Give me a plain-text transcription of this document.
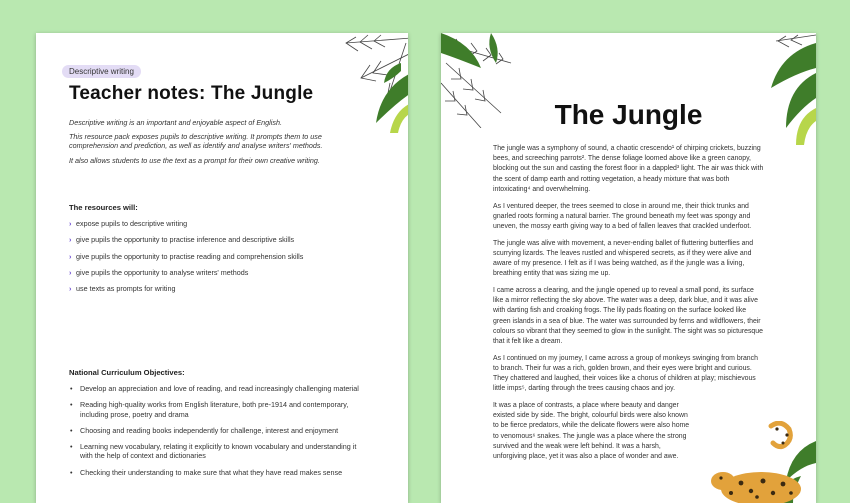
Descriptive writing
Teacher notes: The Jungle

Descriptive writing is an important and enjoyable aspect of English.

This resource pack exposes pupils to descriptive writing. It prompts them to use comprehension and prediction, as well as identify and analyse writers' methods.

It also allows students to use the text as a prompt for their own creative writing.

The resources will:
› expose pupils to descriptive writing
› give pupils the opportunity to practise inference and descriptive skills
› give pupils the opportunity to practise reading and comprehension skills
› give pupils the opportunity to analyse writers' methods
› use texts as prompts for writing
National Curriculum Objectives:
• Develop an appreciation and love of reading, and read increasingly challenging material
• Reading high-quality works from English literature, both pre-1914 and contemporary, including prose, poetry and drama
• Choosing and reading books independently for challenge, interest and enjoyment
• Learning new vocabulary, relating it explicitly to known vocabulary and understanding it with the help of context and dictionaries
• Checking their understanding to make sure that what they have read makes sense
The Jungle

The jungle was a symphony of sound, a chaotic crescendo¹ of chirping crickets, buzzing bees, and screeching parrots². The dense foliage loomed above like a green canopy, blocking out the sun and casting the forest floor in a dappled³ light. The air was thick with the scent of damp earth and rotting vegetation, a heady mixture that was both intoxicating⁴ and overwhelming.

As I ventured deeper, the trees seemed to close in around me, their thick trunks and gnarled roots forming a natural barrier. The ground beneath my feet was spongy and uneven, the mossy earth giving way to a bed of fallen leaves that crackled underfoot.

The jungle was alive with movement, a never-ending ballet of fluttering butterflies and scurrying lizards. The leaves rustled and whispered secrets, as if they were alive and aware of my presence. I felt as if I was being watched, as if the jungle was a living, breathing entity that was sizing me up.

I came across a clearing, and the jungle opened up to reveal a small pond, its surface like a mirror reflecting the sky above. The water was a deep, dark blue, and it was alive with darting fish and croaking frogs. The lily pads floating on the surface looked like green islands in a sea of blue. The water was surrounded by ferns and wildflowers, their colours so vibrant that they seemed to glow in the sunlight. The sight was so picturesque that it felt like a dream.

As I continued on my journey, I came across a group of monkeys swinging from branch to branch. Their fur was a rich, golden brown, and their eyes were bright and curious. They chattered and laughed, their voices like a chorus of children at play; mischievous little imps⁵, darting through the trees causing chaos and joy.

It was a place of contrasts, a place where beauty and danger existed side by side. The bright, colourful birds were also known to be fierce predators, while the delicate flowers were also home to venomous⁶ snakes. The jungle was a place where the strong survived and the weak were left behind. It was a harsh, unforgiving place, yet it was also a place of wonder and awe.
